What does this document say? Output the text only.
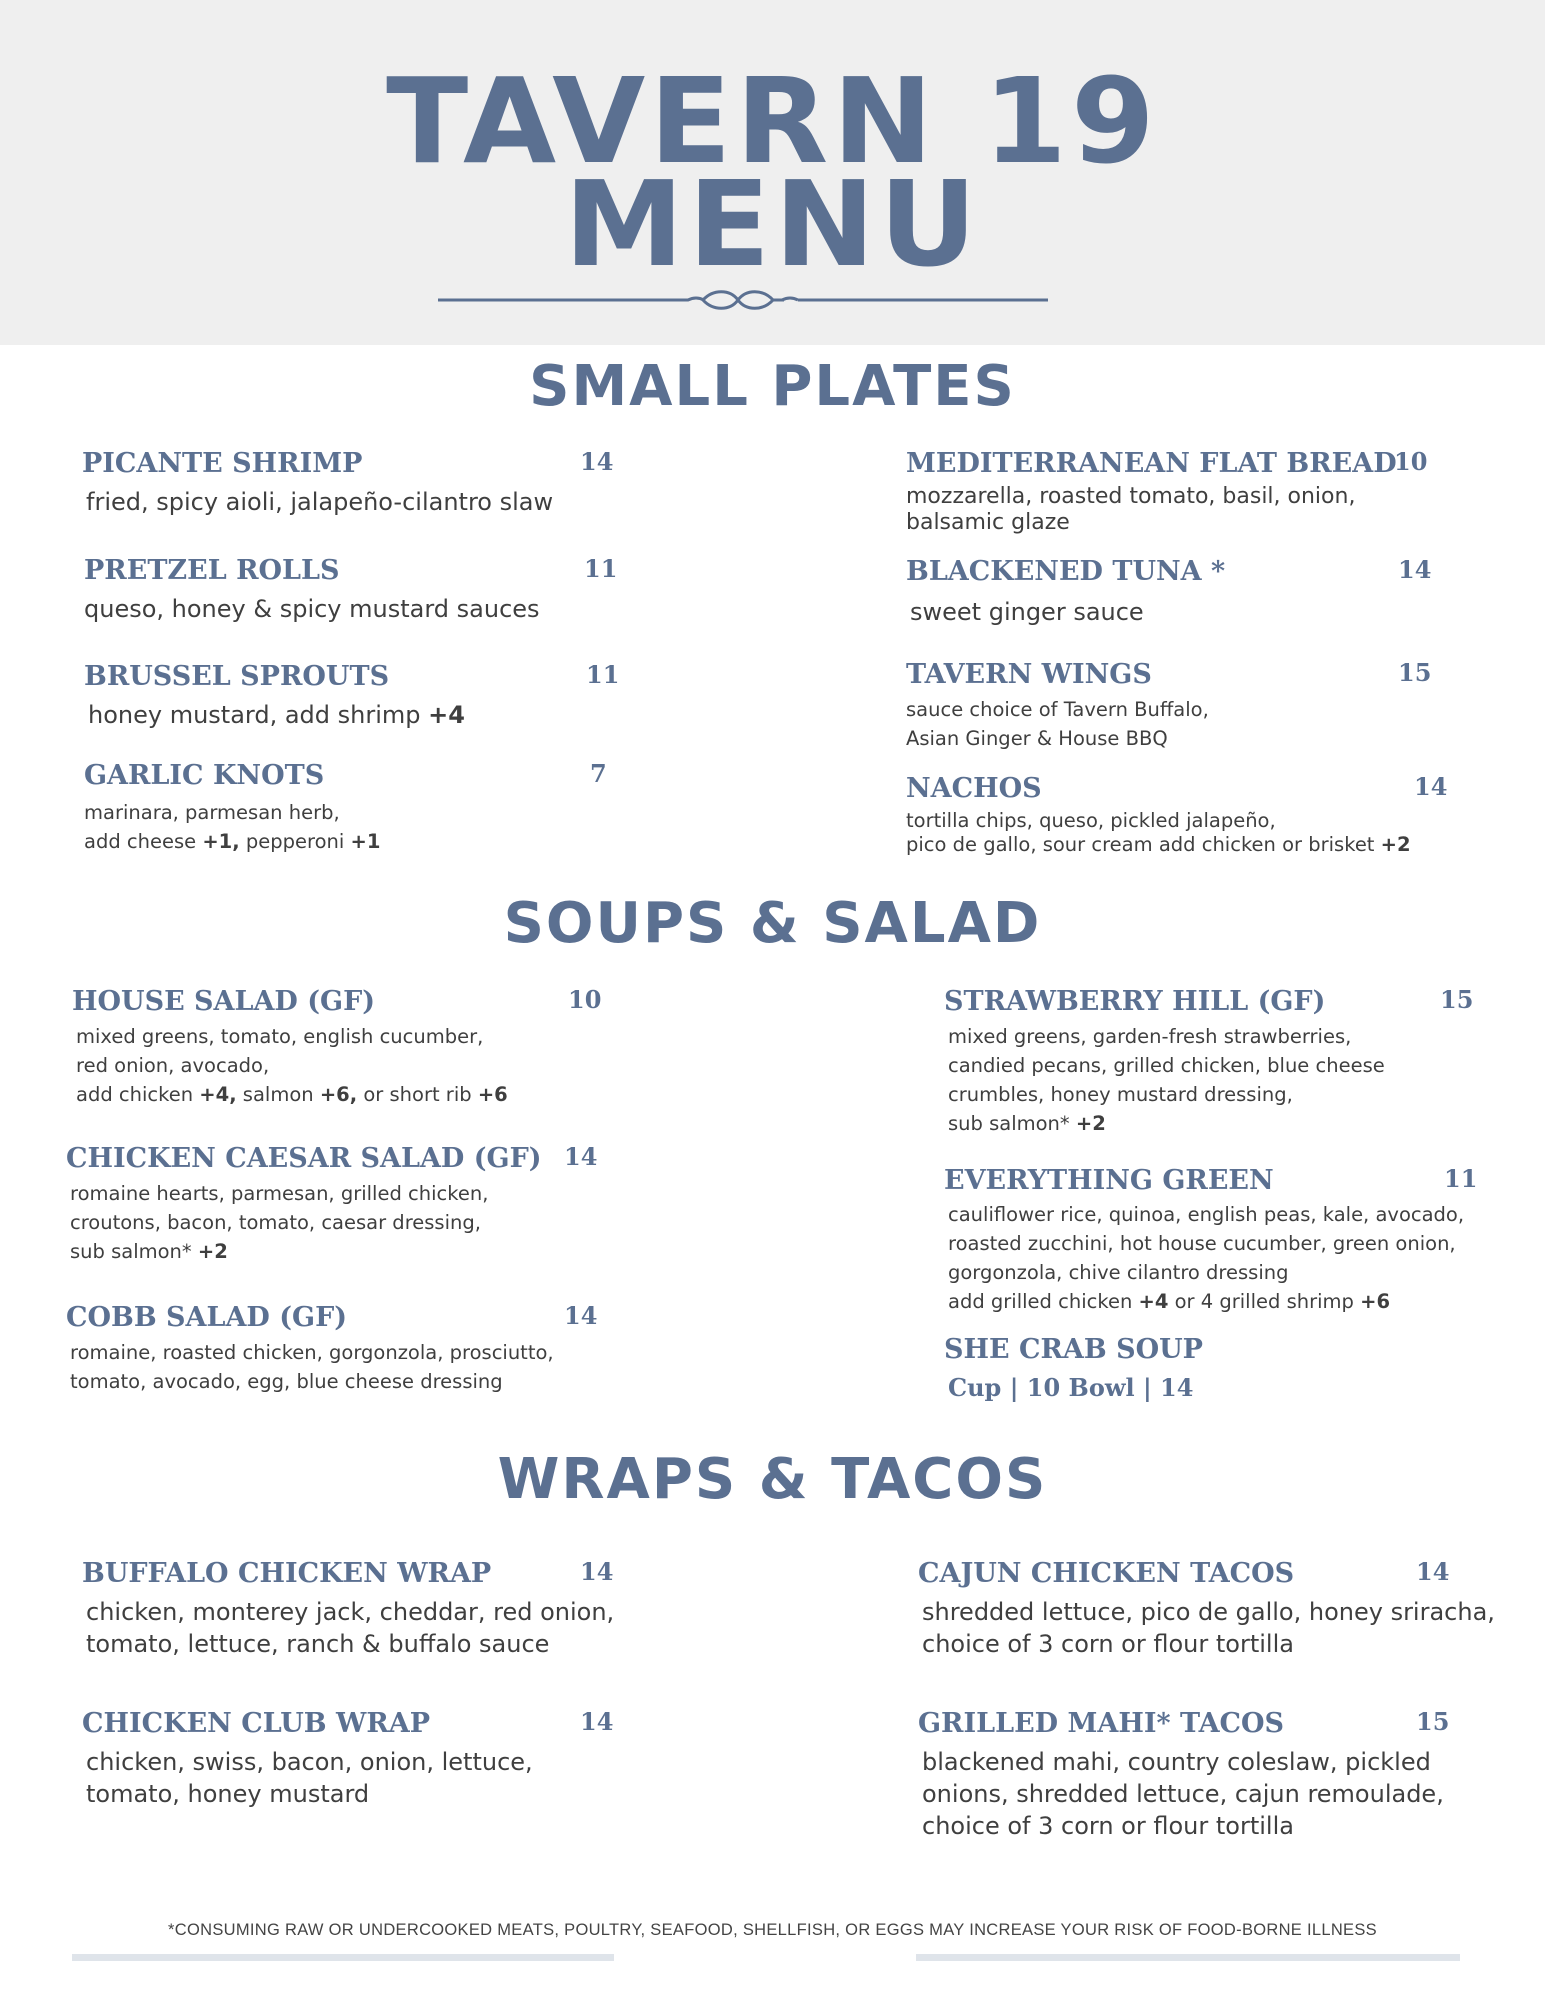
TAVERN 19
MENU
SMALL PLATES
PICANTE SHRIMP	14
fried, spicy aioli, jalapeño-cilantro slaw
PRETZEL ROLLS	11
queso, honey & spicy mustard sauces
BRUSSEL SPROUTS	11
honey mustard, add shrimp +4
GARLIC KNOTS	7
marinara, parmesan herb,
add cheese +1, pepperoni +1
MEDITERRANEAN FLAT BREAD
10
mozzarella, roasted tomato, basil, onion,
balsamic glaze
BLACKENED TUNA *	14
sweet ginger sauce
TAVERN WINGS	15
sauce choice of Tavern Buffalo,
Asian Ginger & House BBQ
NACHOS	14
tortilla chips, queso, pickled jalapeño,
pico de gallo, sour cream add chicken or brisket +2
SOUPS & SALAD
HOUSE SALAD (GF)	10
mixed greens, tomato, english cucumber,
red onion, avocado,
add chicken +4, salmon +6, or short rib +6
CHICKEN CAESAR SALAD (GF) 14
romaine hearts, parmesan, grilled chicken,
croutons, bacon, tomato, caesar dressing,
sub salmon* +2
COBB SALAD (GF)	14
romaine, roasted chicken, gorgonzola, prosciutto,
tomato, avocado, egg, blue cheese dressing
STRAWBERRY HILL (GF)	15
mixed greens, garden-fresh strawberries,
candied pecans, grilled chicken, blue cheese
crumbles, honey mustard dressing,
sub salmon* +2
EVERYTHING GREEN	11
cauliflower rice, quinoa, english peas, kale, avocado,
roasted zucchini, hot house cucumber, green onion,
gorgonzola, chive cilantro dressing
add grilled chicken +4 or 4 grilled shrimp +6
SHE CRAB SOUP
Cup | 10 Bowl | 14
WRAPS & TACOS
BUFFALO CHICKEN WRAP	14
chicken, monterey jack, cheddar, red onion,
tomato, lettuce, ranch & buffalo sauce
CHICKEN CLUB WRAP	14
chicken, swiss, bacon, onion, lettuce,
tomato, honey mustard
CAJUN CHICKEN TACOS	14
shredded lettuce, pico de gallo, honey sriracha,
choice of 3 corn or flour tortilla
GRILLED MAHI* TACOS	15
blackened mahi, country coleslaw, pickled
onions, shredded lettuce, cajun remoulade,
choice of 3 corn or flour tortilla
*CONSUMING RAW OR UNDERCOOKED MEATS, POULTRY, SEAFOOD, SHELLFISH, OR EGGS MAY INCREASE YOUR RISK OF FOOD-BORNE ILLNESS
